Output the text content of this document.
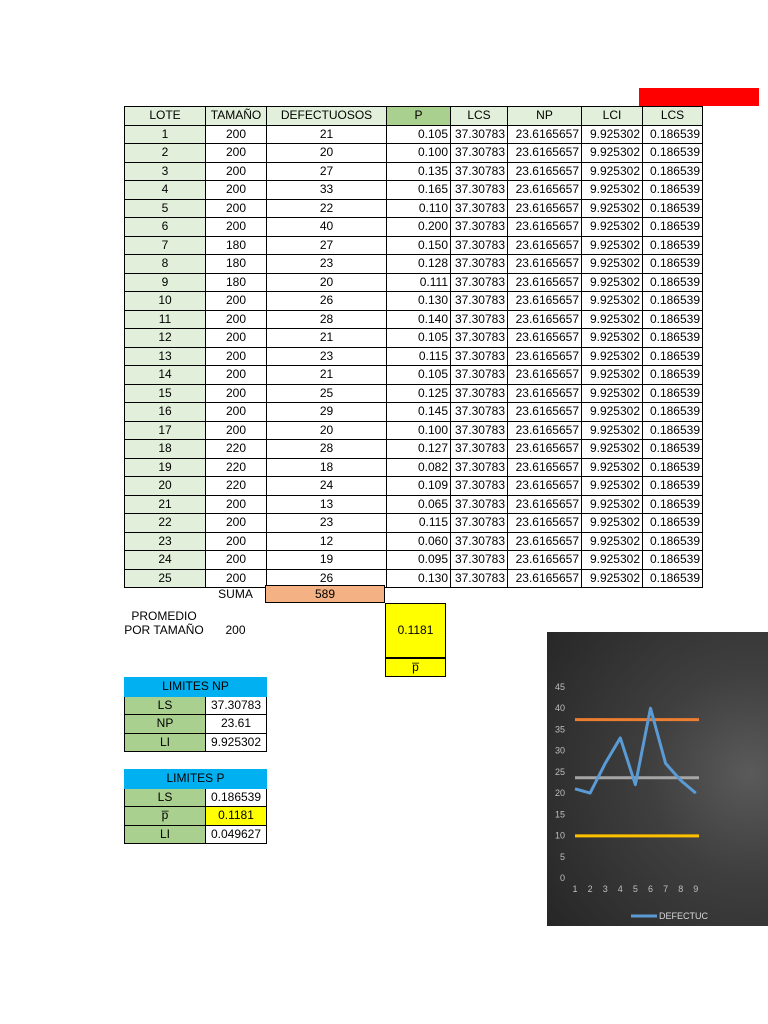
LOTE	TAMAÑO	DEFECTUOSOS	P	LCS	NP	LCI	LCS
1	200	21	0.105	37.30783	23.6165657	9.925302	0.186539
2	200	20	0.100	37.30783	23.6165657	9.925302	0.186539
3	200	27	0.135	37.30783	23.6165657	9.925302	0.186539
4	200	33	0.165	37.30783	23.6165657	9.925302	0.186539
5	200	22	0.110	37.30783	23.6165657	9.925302	0.186539
6	200	40	0.200	37.30783	23.6165657	9.925302	0.186539
7	180	27	0.150	37.30783	23.6165657	9.925302	0.186539
8	180	23	0.128	37.30783	23.6165657	9.925302	0.186539
9	180	20	0.111	37.30783	23.6165657	9.925302	0.186539
10	200	26	0.130	37.30783	23.6165657	9.925302	0.186539
11	200	28	0.140	37.30783	23.6165657	9.925302	0.186539
12	200	21	0.105	37.30783	23.6165657	9.925302	0.186539
13	200	23	0.115	37.30783	23.6165657	9.925302	0.186539
14	200	21	0.105	37.30783	23.6165657	9.925302	0.186539
15	200	25	0.125	37.30783	23.6165657	9.925302	0.186539
16	200	29	0.145	37.30783	23.6165657	9.925302	0.186539
17	200	20	0.100	37.30783	23.6165657	9.925302	0.186539
18	220	28	0.127	37.30783	23.6165657	9.925302	0.186539
19	220	18	0.082	37.30783	23.6165657	9.925302	0.186539
20	220	24	0.109	37.30783	23.6165657	9.925302	0.186539
21	200	13	0.065	37.30783	23.6165657	9.925302	0.186539
22	200	23	0.115	37.30783	23.6165657	9.925302	0.186539
23	200	12	0.060	37.30783	23.6165657	9.925302	0.186539
24	200	19	0.095	37.30783	23.6165657	9.925302	0.186539
25	200	26	0.130	37.30783	23.6165657	9.925302	0.186539
SUMA	589
PROMEDIO POR TAMAÑO	200	0.1181
p̅
LIMITES NP	
LS	37.30783
NP	23.61
LI	9.925302
LIMITES P	
LS	0.186539
p̅	0.1181
LI	0.049627
0
5
10
15
20
25
30
35
40
45
1 2 3 4 5 6 7 8 9
DEFECTUC
